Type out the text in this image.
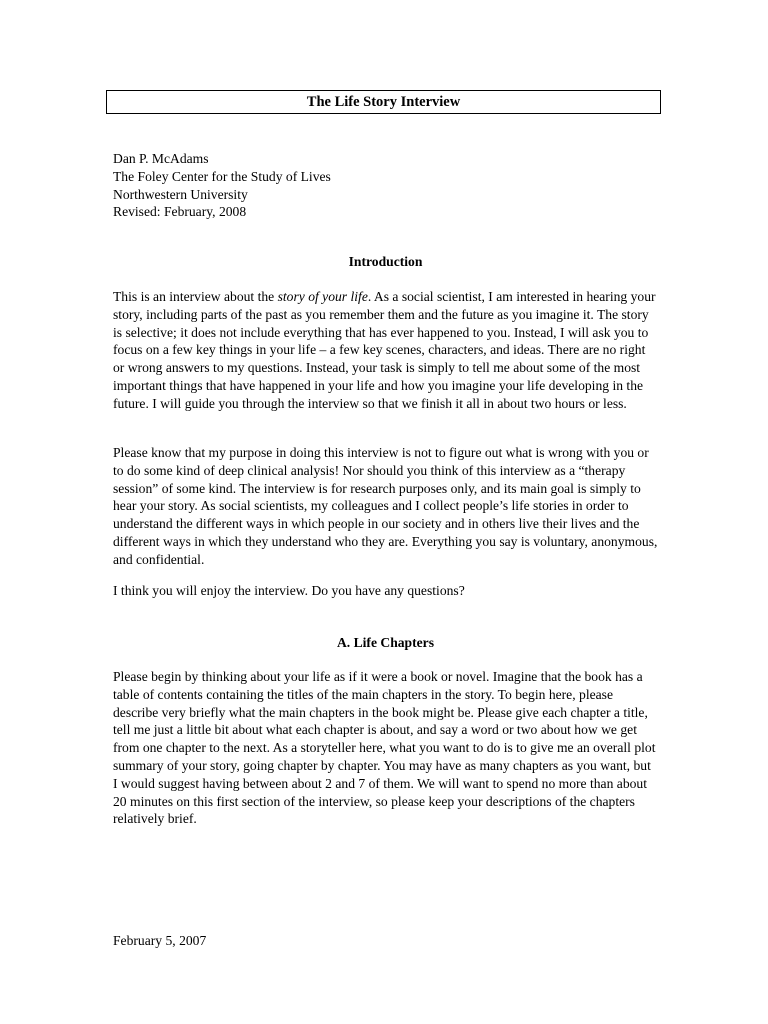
The Life Story Interview
Dan P. McAdams
The Foley Center for the Study of Lives
Northwestern University
Revised: February, 2008
Introduction

This is an interview about the story of your life. As a social scientist, I am interested in hearing your story, including parts of the past as you remember them and the future as you imagine it. The story is selective; it does not include everything that has ever happened to you. Instead, I will ask you to focus on a few key things in your life – a few key scenes, characters, and ideas. There are no right or wrong answers to my questions. Instead, your task is simply to tell me about some of the most important things that have happened in your life and how you imagine your life developing in the future. I will guide you through the interview so that we finish it all in about two hours or less.

Please know that my purpose in doing this interview is not to figure out what is wrong with you or to do some kind of deep clinical analysis! Nor should you think of this interview as a “therapy session” of some kind. The interview is for research purposes only, and its main goal is simply to hear your story. As social scientists, my colleagues and I collect people’s life stories in order to understand the different ways in which people in our society and in others live their lives and the different ways in which they understand who they are. Everything you say is voluntary, anonymous, and confidential.

I think you will enjoy the interview. Do you have any questions?

A. Life Chapters

Please begin by thinking about your life as if it were a book or novel. Imagine that the book has a table of contents containing the titles of the main chapters in the story. To begin here, please describe very briefly what the main chapters in the book might be. Please give each chapter a title, tell me just a little bit about what each chapter is about, and say a word or two about how we get from one chapter to the next. As a storyteller here, what you want to do is to give me an overall plot summary of your story, going chapter by chapter. You may have as many chapters as you want, but I would suggest having between about 2 and 7 of them. We will want to spend no more than about 20 minutes on this first section of the interview, so please keep your descriptions of the chapters relatively brief.

February 5, 2007
